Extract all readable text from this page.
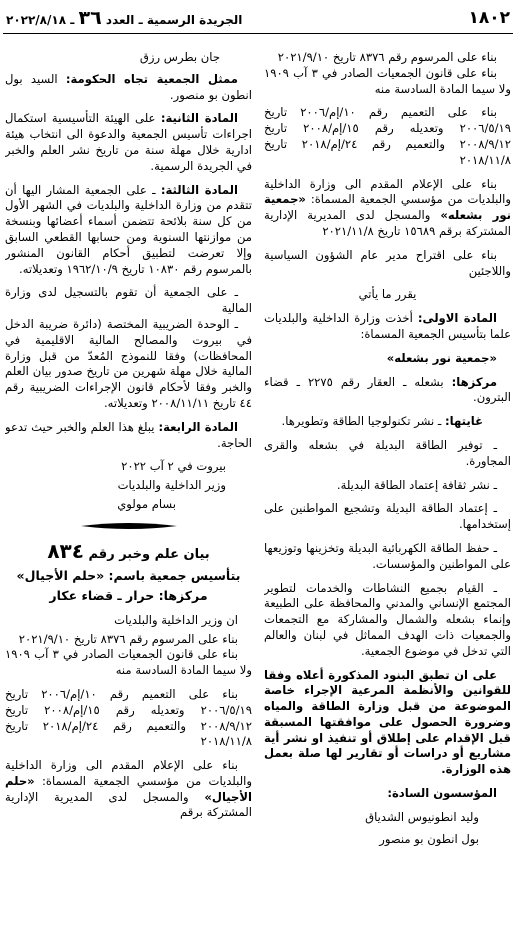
١٨٠٢
الجريدة الرسمية ـ العدد ٣٦ ـ ٢٠٢٢/٨/١٨

بناء على المرسوم رقم ٨٣٧٦ تاريخ ٢٠٢١/٩/١٠

بناء على قانون الجمعيات الصادر في ٣ آب ١٩٠٩ ولا سيما المادة السادسة منه

بناء على التعميم رقم ١٠/إم/٢٠٠٦ تاريخ ٢٠٠٦/٥/١٩ وتعديله رقم ١٥/إم/٢٠٠٨ تاريخ ٢٠٠٨/٩/١٢ والتعميم رقم ٢٤/إم/٢٠١٨ تاريخ ٢٠١٨/١١/٨

بناء على الإعلام المقدم الى وزارة الداخلية والبلديات من مؤسسي الجمعية المسماة: «جمعية نور بشعله» والمسجل لدى المديرية الإدارية المشتركة برقم ١٥٦٨٩ تاريخ ٢٠٢١/١١/٨

بناء على اقتراح مدير عام الشؤون السياسية واللاجئين

يقرر ما يأتي

المادة الاولى: أخذت وزارة الداخلية والبلديات علما بتأسيس الجمعية المسماة:

«جمعية نور بشعله»

مركزها: بشعله ـ العقار رقم ٢٢٧٥ ـ قضاء البترون.

غايتها: ـ نشر تكنولوجيا الطاقة وتطويرها.

ـ توفير الطاقة البديلة في بشعله والقرى المجاورة.

ـ نشر ثقافة إعتماد الطاقة البديلة.

ـ إعتماد الطاقة البديلة وتشجيع المواطنين على إستخدامها.

ـ حفظ الطاقة الكهربائية البديلة وتخزينها وتوزيعها على المواطنين والمؤسسات.

ـ القيام بجميع النشاطات والخدمات لتطوير المجتمع الإنساني والمدني والمحافظة على الطبيعة وإنماء بشعله والشمال والمشاركة مع التجمعات والجمعيات ذات الهدف المماثل في لبنان والعالم التي تدخل في موضوع الجمعية.

على ان تطبق البنود المذكورة أعلاه وفقا للقوانين والأنظمة المرعية الإجراء خاصة الموضوعة من قبل وزارة الطاقة والمياه وضرورة الحصول على موافقتها المسبقة قبل الإقدام على إطلاق أو تنفيذ او نشر أية مشاريع أو دراسات أو تقارير لها صلة بعمل هذه الوزارة.

المؤسسون السادة:

وليد انطونيوس الشدياق

بول انطون بو منصور

جان بطرس رزق

ممثل الجمعية تجاه الحكومة: السيد بول انطون بو منصور.

المادة الثانية: على الهيئة التأسيسية استكمال اجراءات تأسيس الجمعية والدعوة الى انتخاب هيئة ادارية خلال مهلة سنة من تاريخ نشر العلم والخبر في الجريدة الرسمية.

المادة الثالثة: ـ على الجمعية المشار اليها أن تتقدم من وزارة الداخلية والبلديات في الشهر الأول من كل سنة بلائحة تتضمن أسماء أعضائها وبنسخة من موازنتها السنوية ومن حسابها القطعي السابق وإلا تعرضت لتطبيق أحكام القانون المنشور بالمرسوم رقم ١٠٨٣٠ تاريخ ١٩٦٢/١٠/٩ وتعديلاته.

ـ على الجمعية أن تقوم بالتسجيل لدى وزارة المالية

ـ الوحدة الضريبية المختصة (دائرة ضريبة الدخل في بيروت والمصالح المالية الاقليمية في المحافظات) وفقا للنموذج المُعدّ من قبل وزارة المالية خلال مهلة شهرين من تاريخ صدور بيان العلم والخبر وفقا لأحكام قانون الإجراءات الضريبية رقم ٤٤ تاريخ ٢٠٠٨/١١/١١ وتعديلاته.

المادة الرابعة: يبلغ هذا العلم والخبر حيث تدعو الحاجة.

بيروت في ٢ آب ٢٠٢٢

وزير الداخلية والبلديات

بسام مولوي

بيان علم وخبر رقم ٨٣٤
بتأسيس جمعية باسم: «حلم الأجيال»
مركزها: حرار ـ قضاء عكار

ان وزير الداخلية والبلديات

بناء على المرسوم رقم ٨٣٧٦ تاريخ ٢٠٢١/٩/١٠

بناء على قانون الجمعيات الصادر في ٣ آب ١٩٠٩ ولا سيما المادة السادسة منه

بناء على التعميم رقم ١٠/إم/٢٠٠٦ تاريخ ٢٠٠٦/٥/١٩ وتعديله رقم ١٥/إم/٢٠٠٨ تاريخ ٢٠٠٨/٩/١٢ والتعميم رقم ٢٤/إم/٢٠١٨ تاريخ ٢٠١٨/١١/٨

بناء على الإعلام المقدم الى وزارة الداخلية والبلديات من مؤسسي الجمعية المسماة: «حلم الأجيال» والمسجل لدى المديرية الإدارية المشتركة برقم
